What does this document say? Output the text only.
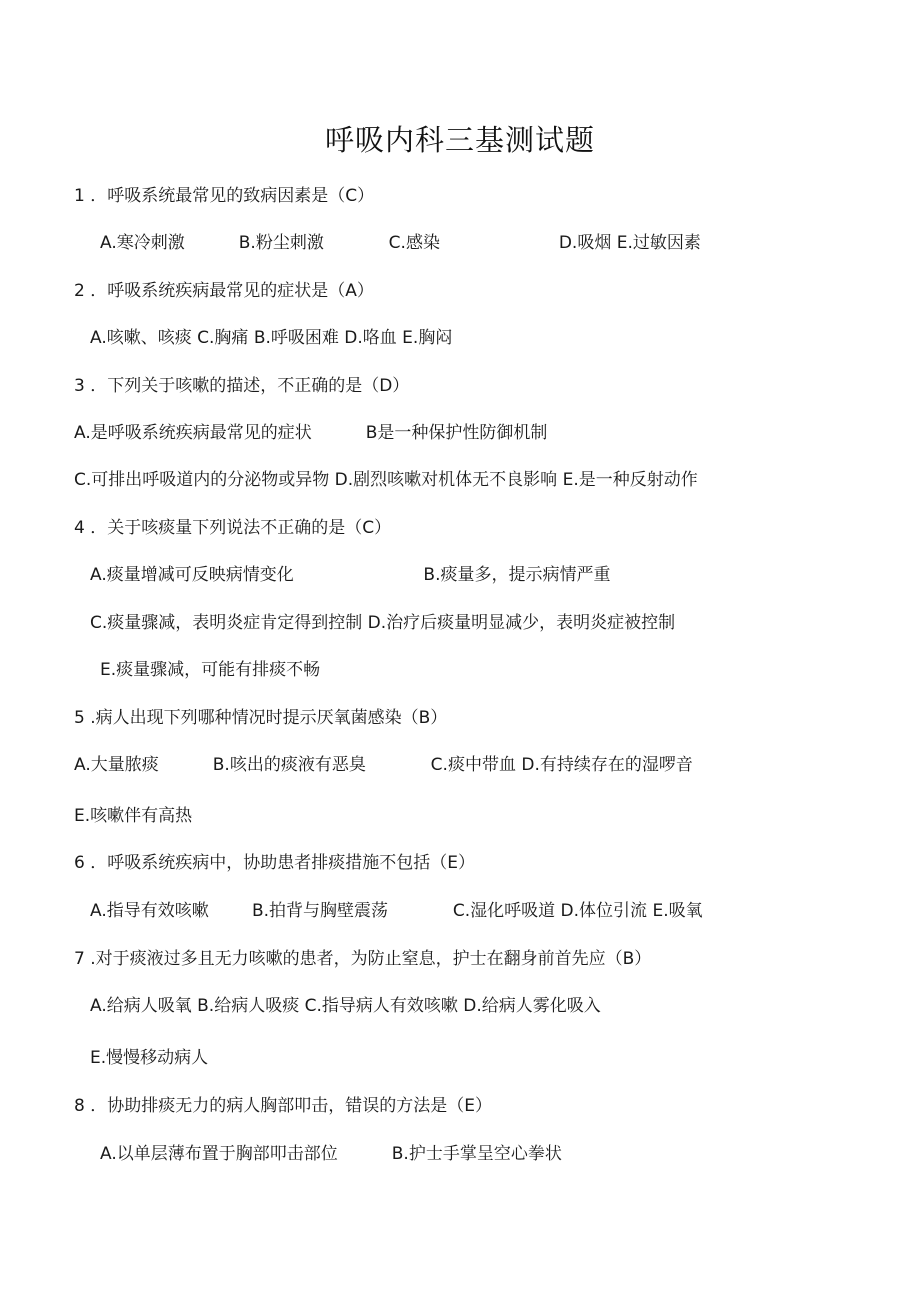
呼吸内科三基测试题
1 ．呼吸系统最常见的致病因素是（C）
A.寒冷刺激          B.粉尘刺激            C.感染                      D.吸烟 E.过敏因素
2 ．呼吸系统疾病最常见的症状是（A）
A.咳嗽、咳痰 C.胸痛 B.呼吸困难 D.咯血 E.胸闷
3 ．下列关于咳嗽的描述，不正确的是（D）
A.是呼吸系统疾病最常见的症状          B是一种保护性防御机制
C.可排出呼吸道内的分泌物或异物 D.剧烈咳嗽对机体无不良影响 E.是一种反射动作
4 ．关于咳痰量下列说法不正确的是（C）
A.痰量增减可反映病情变化                        B.痰量多，提示病情严重
C.痰量骤减，表明炎症肯定得到控制 D.治疗后痰量明显减少，表明炎症被控制
E.痰量骤减，可能有排痰不畅
5 .病人出现下列哪种情况时提示厌氧菌感染（B）
A.大量脓痰          B.咳出的痰液有恶臭            C.痰中带血 D.有持续存在的湿啰音
E.咳嗽伴有高热
6 ．呼吸系统疾病中，协助患者排痰措施不包括（E）
A.指导有效咳嗽        B.拍背与胸壁震荡            C.湿化呼吸道 D.体位引流 E.吸氧
7 .对于痰液过多且无力咳嗽的患者，为防止窒息，护士在翻身前首先应（B）
A.给病人吸氧 B.给病人吸痰 C.指导病人有效咳嗽 D.给病人雾化吸入
E.慢慢移动病人
8 ．协助排痰无力的病人胸部叩击，错误的方法是（E）
A.以单层薄布置于胸部叩击部位          B.护士手掌呈空心拳状
